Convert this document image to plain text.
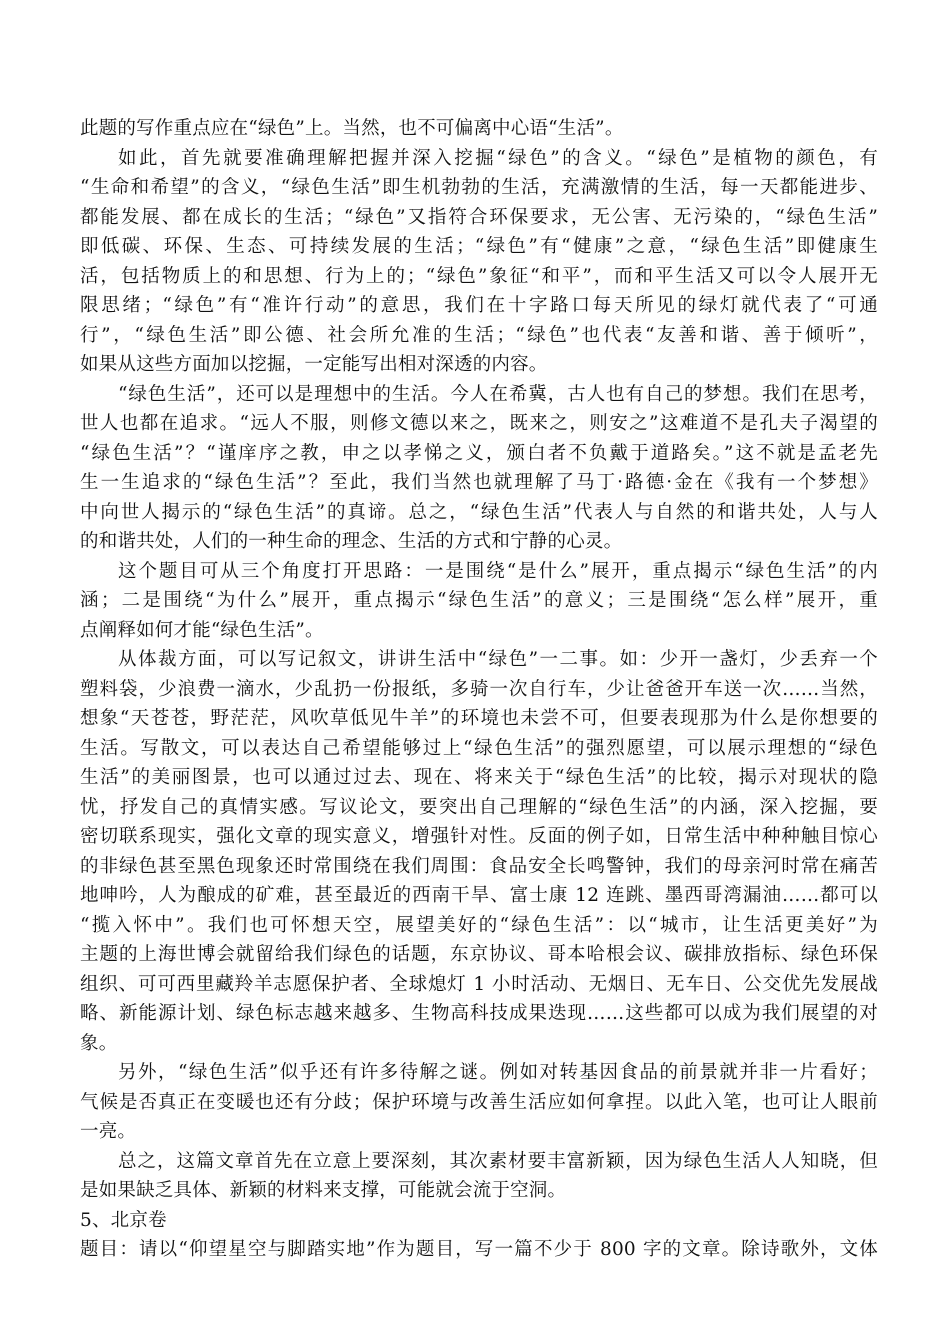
此题的写作重点应在“绿色”上。当然，也不可偏离中心语“生活”。
如此，首先就要准确理解把握并深入挖掘“绿色”的含义。“绿色”是植物的颜色，有
“生命和希望”的含义，“绿色生活”即生机勃勃的生活，充满激情的生活，每一天都能进步、
都能发展、都在成长的生活；“绿色”又指符合环保要求，无公害、无污染的，“绿色生活”
即低碳、环保、生态、可持续发展的生活；“绿色”有“健康”之意，“绿色生活”即健康生
活，包括物质上的和思想、行为上的；“绿色”象征“和平”，而和平生活又可以令人展开无
限思绪；“绿色”有“准许行动”的意思，我们在十字路口每天所见的绿灯就代表了“可通
行”，“绿色生活”即公德、社会所允准的生活；“绿色”也代表“友善和谐、善于倾听”，
如果从这些方面加以挖掘，一定能写出相对深透的内容。
“绿色生活”，还可以是理想中的生活。今人在希冀，古人也有自己的梦想。我们在思考，
世人也都在追求。“远人不服，则修文德以来之，既来之，则安之”这难道不是孔夫子渴望的
“绿色生活”？“谨庠序之教，申之以孝悌之义，颁白者不负戴于道路矣。”这不就是孟老先
生一生追求的“绿色生活”？至此，我们当然也就理解了马丁·路德·金在《我有一个梦想》
中向世人揭示的“绿色生活”的真谛。总之，“绿色生活”代表人与自然的和谐共处，人与人
的和谐共处，人们的一种生命的理念、生活的方式和宁静的心灵。
这个题目可从三个角度打开思路：一是围绕“是什么”展开，重点揭示“绿色生活”的内
涵；二是围绕“为什么”展开，重点揭示“绿色生活”的意义；三是围绕“怎么样”展开，重
点阐释如何才能“绿色生活”。
从体裁方面，可以写记叙文，讲讲生活中“绿色”一二事。如：少开一盏灯，少丢弃一个
塑料袋，少浪费一滴水，少乱扔一份报纸，多骑一次自行车，少让爸爸开车送一次……当然，
想象“天苍苍，野茫茫，风吹草低见牛羊”的环境也未尝不可，但要表现那为什么是你想要的
生活。写散文，可以表达自己希望能够过上“绿色生活”的强烈愿望，可以展示理想的“绿色
生活”的美丽图景，也可以通过过去、现在、将来关于“绿色生活”的比较，揭示对现状的隐
忧，抒发自己的真情实感。写议论文，要突出自己理解的“绿色生活”的内涵，深入挖掘，要
密切联系现实，强化文章的现实意义，增强针对性。反面的例子如，日常生活中种种触目惊心
的非绿色甚至黑色现象还时常围绕在我们周围：食品安全长鸣警钟，我们的母亲河时常在痛苦
地呻吟，人为酿成的矿难，甚至最近的西南干旱、富士康 12 连跳、墨西哥湾漏油……都可以
“揽入怀中”。我们也可怀想天空，展望美好的“绿色生活”：以“城市，让生活更美好”为
主题的上海世博会就留给我们绿色的话题，东京协议、哥本哈根会议、碳排放指标、绿色环保
组织、可可西里藏羚羊志愿保护者、全球熄灯 1 小时活动、无烟日、无车日、公交优先发展战
略、新能源计划、绿色标志越来越多、生物高科技成果迭现……这些都可以成为我们展望的对
象。
另外，“绿色生活”似乎还有许多待解之谜。例如对转基因食品的前景就并非一片看好；
气候是否真正在变暖也还有分歧；保护环境与改善生活应如何拿捏。以此入笔，也可让人眼前
一亮。
总之，这篇文章首先在立意上要深刻，其次素材要丰富新颖，因为绿色生活人人知晓，但
是如果缺乏具体、新颖的材料来支撑，可能就会流于空洞。
5、北京卷
题目：请以“仰望星空与脚踏实地”作为题目，写一篇不少于 800 字的文章。除诗歌外，文体
